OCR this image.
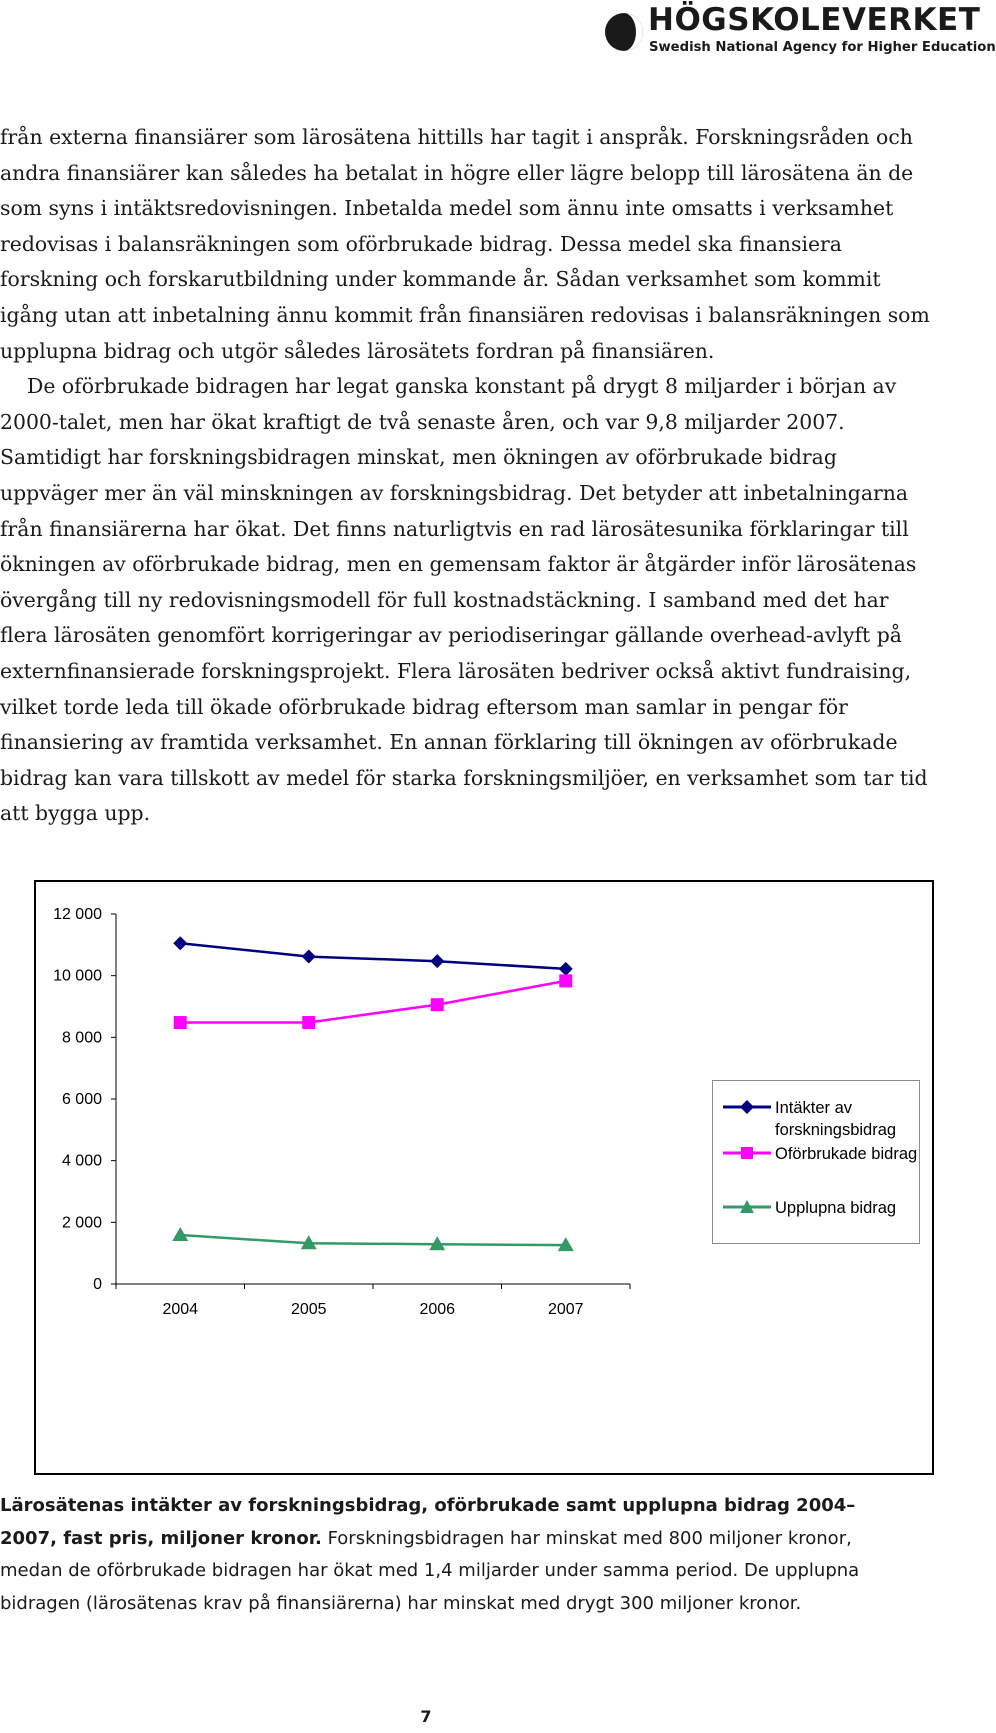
HÖGSKOLEVERKET
Swedish National Agency for Higher Education
från externa finansiärer som lärosätena hittills har tagit i anspråk. Forskningsråden och
andra finansiärer kan således ha betalat in högre eller lägre belopp till lärosätena än de
som syns i intäktsredovisningen. Inbetalda medel som ännu inte omsatts i verksamhet
redovisas i balansräkningen som oförbrukade bidrag. Dessa medel ska finansiera
forskning och forskarutbildning under kommande år. Sådan verksamhet som kommit
igång utan att inbetalning ännu kommit från finansiären redovisas i balansräkningen som
upplupna bidrag och utgör således lärosätets fordran på finansiären.
De oförbrukade bidragen har legat ganska konstant på drygt 8 miljarder i början av
2000-talet, men har ökat kraftigt de två senaste åren, och var 9,8 miljarder 2007.
Samtidigt har forskningsbidragen minskat, men ökningen av oförbrukade bidrag
uppväger mer än väl minskningen av forskningsbidrag. Det betyder att inbetalningarna
från finansiärerna har ökat. Det finns naturligtvis en rad lärosätesunika förklaringar till
ökningen av oförbrukade bidrag, men en gemensam faktor är åtgärder inför lärosätenas
övergång till ny redovisningsmodell för full kostnadstäckning. I samband med det har
flera lärosäten genomfört korrigeringar av periodiseringar gällande overhead-avlyft på
externfinansierade forskningsprojekt. Flera lärosäten bedriver också aktivt fundraising,
vilket torde leda till ökade oförbrukade bidrag eftersom man samlar in pengar för
finansiering av framtida verksamhet. En annan förklaring till ökningen av oförbrukade
bidrag kan vara tillskott av medel för starka forskningsmiljöer, en verksamhet som tar tid
att bygga upp.
12 000
10 000
8 000
6 000
4 000
2 000
0
2004	2005	2006	2007
Intäkter av forskningsbidrag
Oförbrukade bidrag
Upplupna bidrag
Lärosätenas intäkter av forskningsbidrag, oförbrukade samt upplupna bidrag 2004–
2007, fast pris, miljoner kronor. Forskningsbidragen har minskat med 800 miljoner kronor,
medan de oförbrukade bidragen har ökat med 1,4 miljarder under samma period. De upplupna
bidragen (lärosätenas krav på finansiärerna) har minskat med drygt 300 miljoner kronor.
7
